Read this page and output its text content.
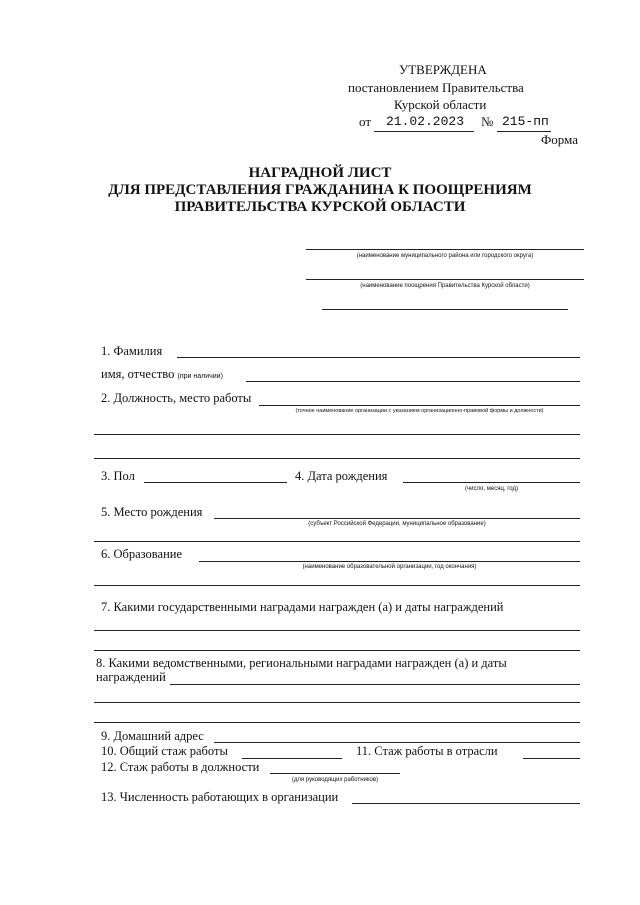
УТВЕРЖДЕНА
постановлением Правительства
Курской области
от 21.02.2023 № 215-пп
Форма
НАГРАДНОЙ ЛИСТ
ДЛЯ ПРЕДСТАВЛЕНИЯ ГРАЖДАНИНА К ПООЩРЕНИЯМ
ПРАВИТЕЛЬСТВА КУРСКОЙ ОБЛАСТИ
(наименование муниципального района или городского округа)
(наименование поощрения Правительства Курской области)
1. Фамилия
имя, отчество (при наличии)
2. Должность, место работы
(точное наименование организации с указанием организационно-правовой формы и должности)
3. Пол	4. Дата рождения
(число, месяц, год)
5. Место рождения
(субъект Российской Федерации, муниципальное образование)
6. Образование
(наименование образовательной организации, год окончания)
7. Какими государственными наградами награжден (а) и даты награждений
8. Какими ведомственными, региональными наградами награжден (а) и даты
награждений
9. Домашний адрес
10. Общий стаж работы	11. Стаж работы в отрасли
12. Стаж работы в должности
(для руководящих работников)
13. Численность работающих в организации
